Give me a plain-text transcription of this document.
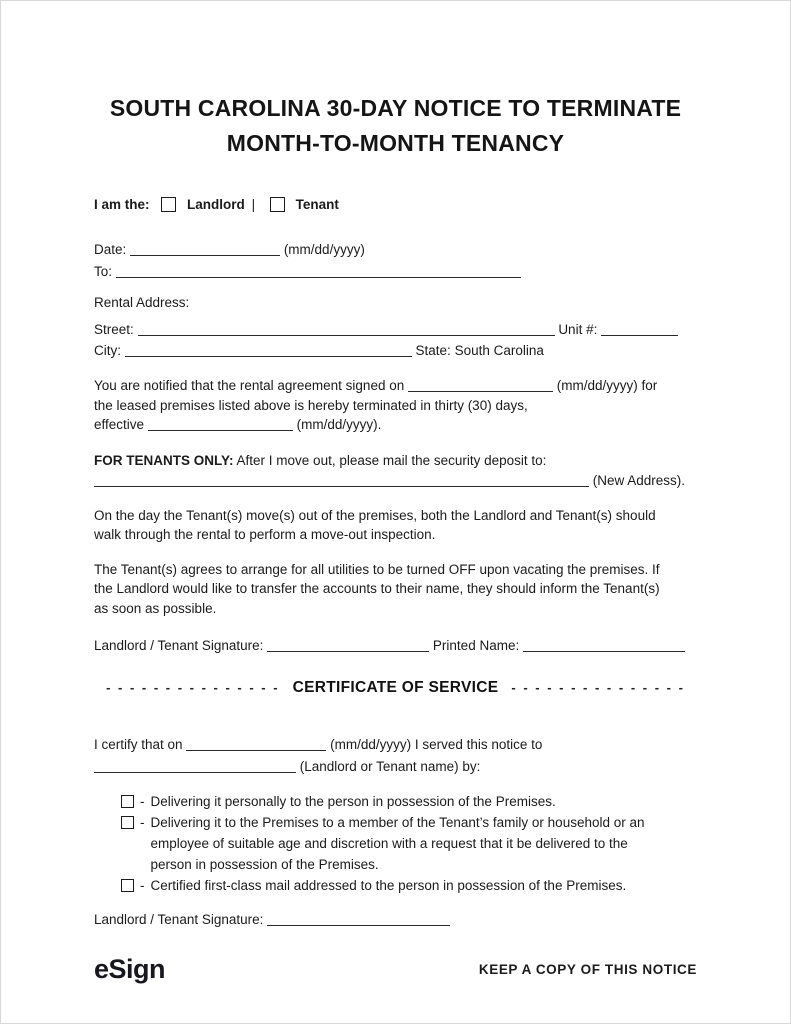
SOUTH CAROLINA 30-DAY NOTICE TO TERMINATE
MONTH-TO-MONTH TENANCY
I am the:	Landlord |	Tenant
Date:	(mm/dd/yyyy)
To:
Rental Address:
Street:	Unit #:
City:	State: South Carolina
You are notified that the rental agreement signed on	(mm/dd/yyyy) for
the leased premises listed above is hereby terminated in thirty (30) days,
effective	(mm/dd/yyyy).
FOR TENANTS ONLY: After I move out, please mail the security deposit to:
(New Address).
On the day the Tenant(s) move(s) out of the premises, both the Landlord and Tenant(s) should
walk through the rental to perform a move-out inspection.
The Tenant(s) agrees to arrange for all utilities to be turned OFF upon vacating the premises. If
the Landlord would like to transfer the accounts to their name, they should inform the Tenant(s)
as soon as possible.
Landlord / Tenant Signature:	Printed Name:
- - - - - - - - - - - - - - - CERTIFICATE OF SERVICE - - - - - - - - - - - - - - -
I certify that on	(mm/dd/yyyy) I served this notice to
(Landlord or Tenant name) by:
- Delivering it personally to the person in possession of the Premises.
- Delivering it to the Premises to a member of the Tenant’s family or household or an
employee of suitable age and discretion with a request that it be delivered to the
person in possession of the Premises.
- Certified first-class mail addressed to the person in possession of the Premises.
Landlord / Tenant Signature:
eSign	KEEP A COPY OF THIS NOTICE
